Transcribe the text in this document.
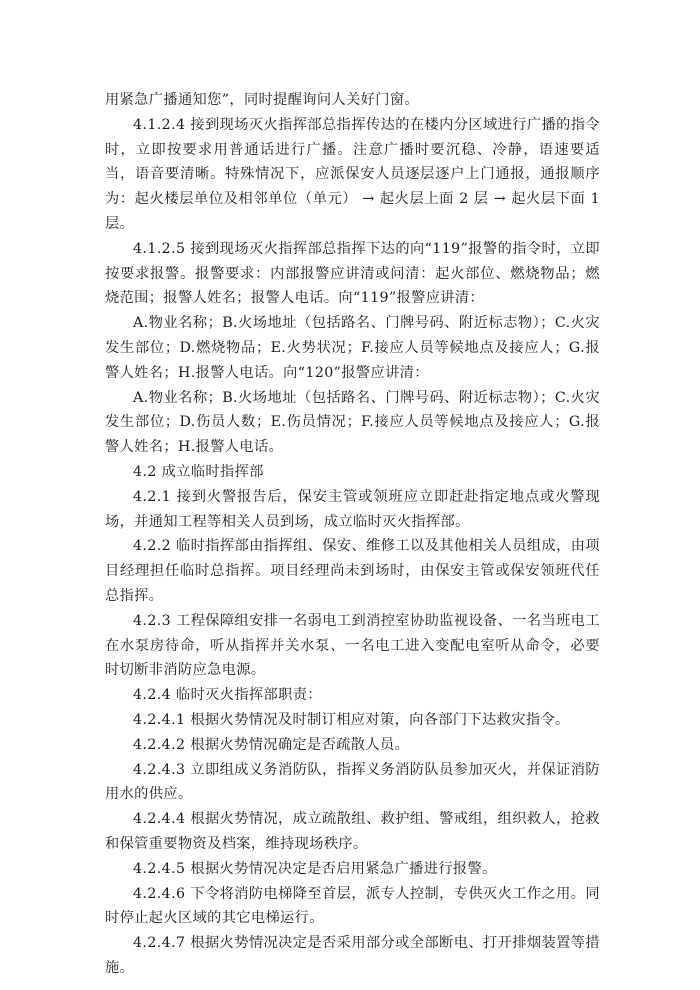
用紧急广播通知您”，同时提醒询问人关好门窗。

4.1.2.4 接到现场灭火指挥部总指挥传达的在楼内分区域进行广播的指令时，立即按要求用普通话进行广播。注意广播时要沉稳、冷静，语速要适当，语音要清晰。特殊情况下，应派保安人员逐层逐户上门通报，通报顺序为：起火楼层单位及相邻单位（单元） → 起火层上面 2 层 → 起火层下面 1 层。

4.1.2.5 接到现场灭火指挥部总指挥下达的向“119”报警的指令时，立即按要求报警。报警要求：内部报警应讲清或问清：起火部位、燃烧物品；燃烧范围；报警人姓名；报警人电话。向“119”报警应讲清：

A.物业名称；B.火场地址（包括路名、门牌号码、附近标志物）；C.火灾发生部位；D.燃烧物品；E.火势状况；F.接应人员等候地点及接应人；G.报警人姓名；H.报警人电话。向“120”报警应讲清：

A.物业名称；B.火场地址（包括路名、门牌号码、附近标志物）；C.火灾发生部位；D.伤员人数；E.伤员情况；F.接应人员等候地点及接应人；G.报警人姓名；H.报警人电话。

4.2 成立临时指挥部

4.2.1 接到火警报告后，保安主管或领班应立即赶赴指定地点或火警现场，并通知工程等相关人员到场，成立临时灭火指挥部。

4.2.2 临时指挥部由指挥组、保安、维修工以及其他相关人员组成，由项目经理担任临时总指挥。项目经理尚未到场时，由保安主管或保安领班代任总指挥。

4.2.3 工程保障组安排一名弱电工到消控室协助监视设备、一名当班电工在水泵房待命，听从指挥并关水泵、一名电工进入变配电室听从命令，必要时切断非消防应急电源。

4.2.4 临时灭火指挥部职责：

4.2.4.1 根据火势情况及时制订相应对策，向各部门下达救灾指令。

4.2.4.2 根据火势情况确定是否疏散人员。

4.2.4.3 立即组成义务消防队，指挥义务消防队员参加灭火，并保证消防用水的供应。

4.2.4.4 根据火势情况，成立疏散组、救护组、警戒组，组织救人，抢救和保管重要物资及档案，维持现场秩序。

4.2.4.5 根据火势情况决定是否启用紧急广播进行报警。

4.2.4.6 下令将消防电梯降至首层，派专人控制，专供灭火工作之用。同时停止起火区域的其它电梯运行。

4.2.4.7 根据火势情况决定是否采用部分或全部断电、打开排烟装置等措施。
